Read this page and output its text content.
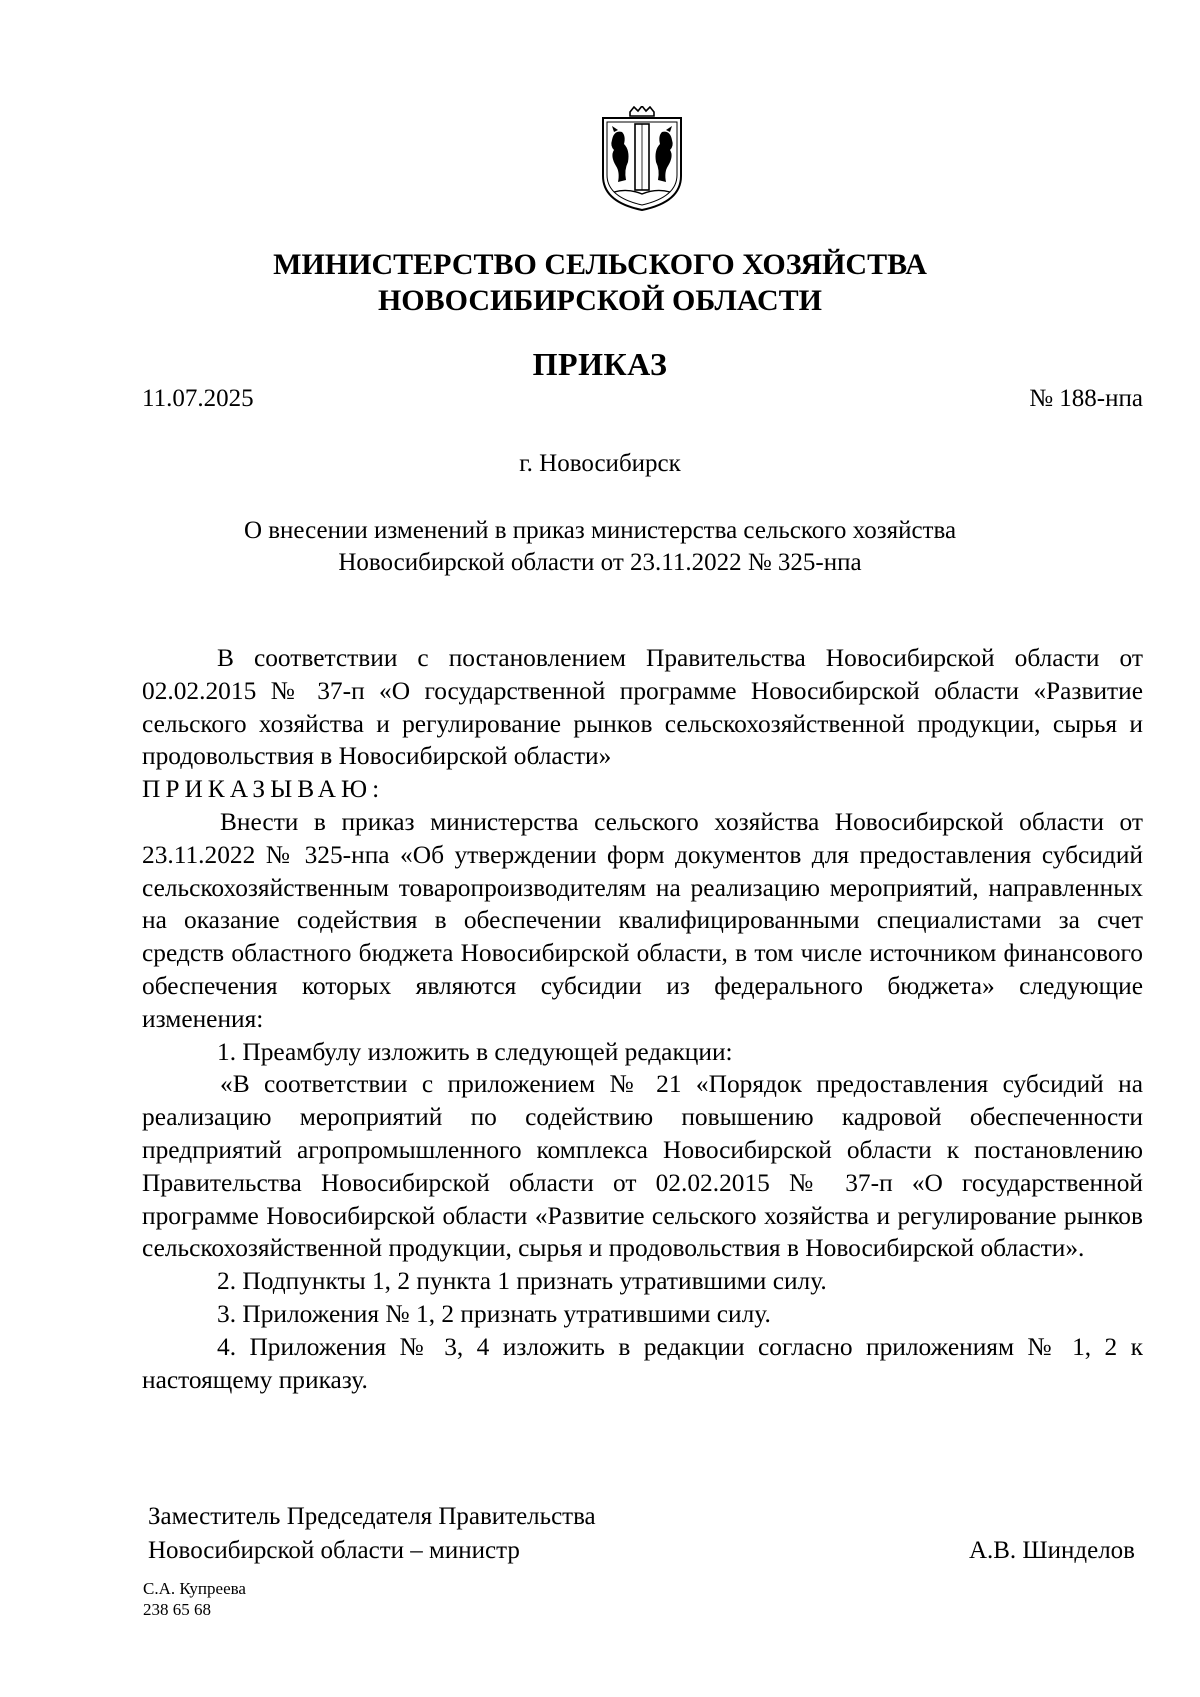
МИНИСТЕРСТВО СЕЛЬСКОГО ХОЗЯЙСТВА
НОВОСИБИРСКОЙ ОБЛАСТИ
ПРИКАЗ
11.07.2025	№ 188-нпа
г. Новосибирск
О внесении изменений в приказ министерства сельского хозяйства
Новосибирской области от 23.11.2022 № 325-нпа

В соответствии с постановлением Правительства Новосибирской области от 02.02.2015 № 37-п «О государственной программе Новосибирской области «Развитие сельского хозяйства и регулирование рынков сельскохозяйственной продукции, сырья и продовольствия в Новосибирской области»

ПРИКАЗЫВАЮ:

Внести в приказ министерства сельского хозяйства Новосибирской области от 23.11.2022 № 325-нпа «Об утверждении форм документов для предоставления субсидий сельскохозяйственным товаропроизводителям на реализацию мероприятий, направленных на оказание содействия в обеспечении квалифицированными специалистами за счет средств областного бюджета Новосибирской области, в том числе источником финансового обеспечения которых являются субсидии из федерального бюджета» следующие изменения:

1. Преамбулу изложить в следующей редакции:

«В соответствии с приложением № 21 «Порядок предоставления субсидий на реализацию мероприятий по содействию повышению кадровой обеспеченности предприятий агропромышленного комплекса Новосибирской области к постановлению Правительства Новосибирской области от 02.02.2015 № 37-п «О государственной программе Новосибирской области «Развитие сельского хозяйства и регулирование рынков сельскохозяйственной продукции, сырья и продовольствия в Новосибирской области».

2. Подпункты 1, 2 пункта 1 признать утратившими силу.

3. Приложения № 1, 2 признать утратившими силу.

4. Приложения № 3, 4 изложить в редакции согласно приложениям № 1, 2 к настоящему приказу.

Заместитель Председателя Правительства
Новосибирской области – министр	А.В. Шинделов
С.А. Купреева
238 65 68
